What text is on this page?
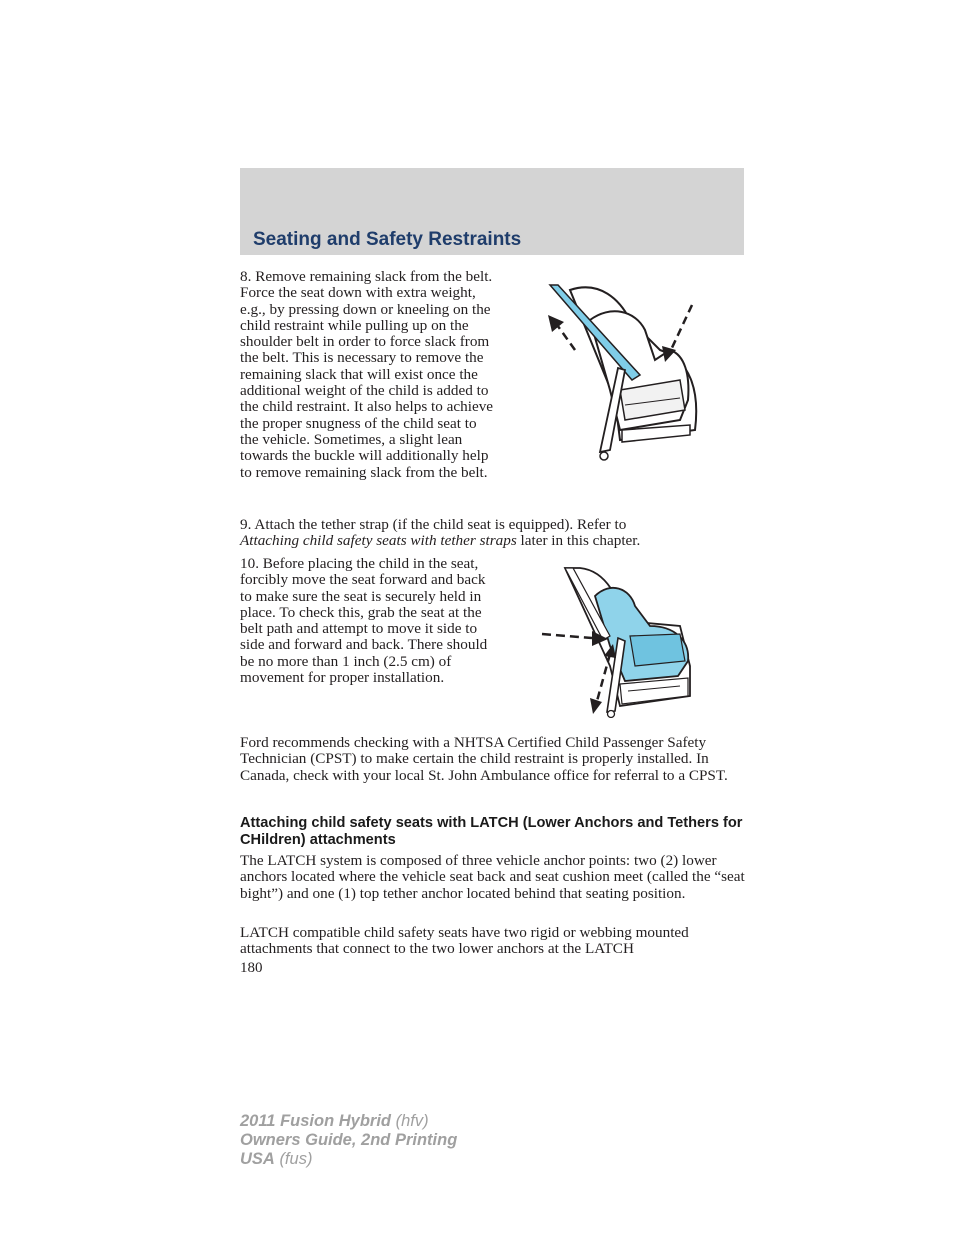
Seating and Safety Restraints

8. Remove remaining slack from the belt. Force the seat down with extra weight, e.g., by pressing down or kneeling on the child restraint while pulling up on the shoulder belt in order to force slack from the belt. This is necessary to remove the remaining slack that will exist once the additional weight of the child is added to the child restraint. It also helps to achieve the proper snugness of the child seat to the vehicle. Sometimes, a slight lean towards the buckle will additionally help to remove remaining slack from the belt.

9. Attach the tether strap (if the child seat is equipped). Refer to
Attaching child safety seats with tether straps later in this chapter.

10. Before placing the child in the seat, forcibly move the seat forward and back to make sure the seat is securely held in place. To check this, grab the seat at the belt path and attempt to move it side to side and forward and back. There should be no more than 1 inch (2.5 cm) of movement for proper installation.

Ford recommends checking with a NHTSA Certified Child Passenger Safety Technician (CPST) to make certain the child restraint is properly installed. In Canada, check with your local St. John Ambulance office for referral to a CPST.

Attaching child safety seats with LATCH (Lower Anchors and Tethers for CHildren) attachments

The LATCH system is composed of three vehicle anchor points: two (2) lower anchors located where the vehicle seat back and seat cushion meet (called the “seat bight”) and one (1) top tether anchor located behind that seating position.

LATCH compatible child safety seats have two rigid or webbing mounted attachments that connect to the two lower anchors at the LATCH

180
2011 Fusion Hybrid (hfv)
Owners Guide, 2nd Printing
USA (fus)
